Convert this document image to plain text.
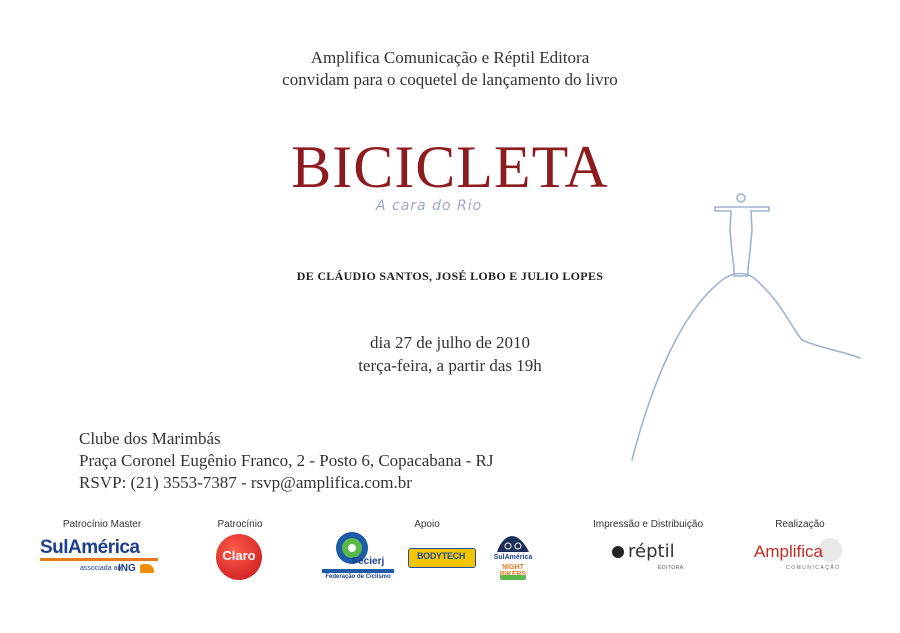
Amplifica Comunicação e Réptil Editora
convidam para o coquetel de lançamento do livro
BICICLETA
A cara do Rio
DE CLÁUDIO SANTOS, JOSÉ LOBO E JULIO LOPES
dia 27 de julho de 2010
terça-feira, a partir das 19h
Clube dos Marimbás
Praça Coronel Eugênio Franco, 2 - Posto 6, Copacabana - RJ
RSVP: (21) 3553-7387 - rsvp@amplifica.com.br
Patrocínio Master	Patrocínio	Apoio	Impressão e Distribuição	Realização
SulAmérica
associada ao
ING
Claro	Fecierj
Federação de Ciclismo
BODYTECH	SulAmérica
NIGHT
réptil
EDITORA
Amplifica
COMUNICAÇÃO
